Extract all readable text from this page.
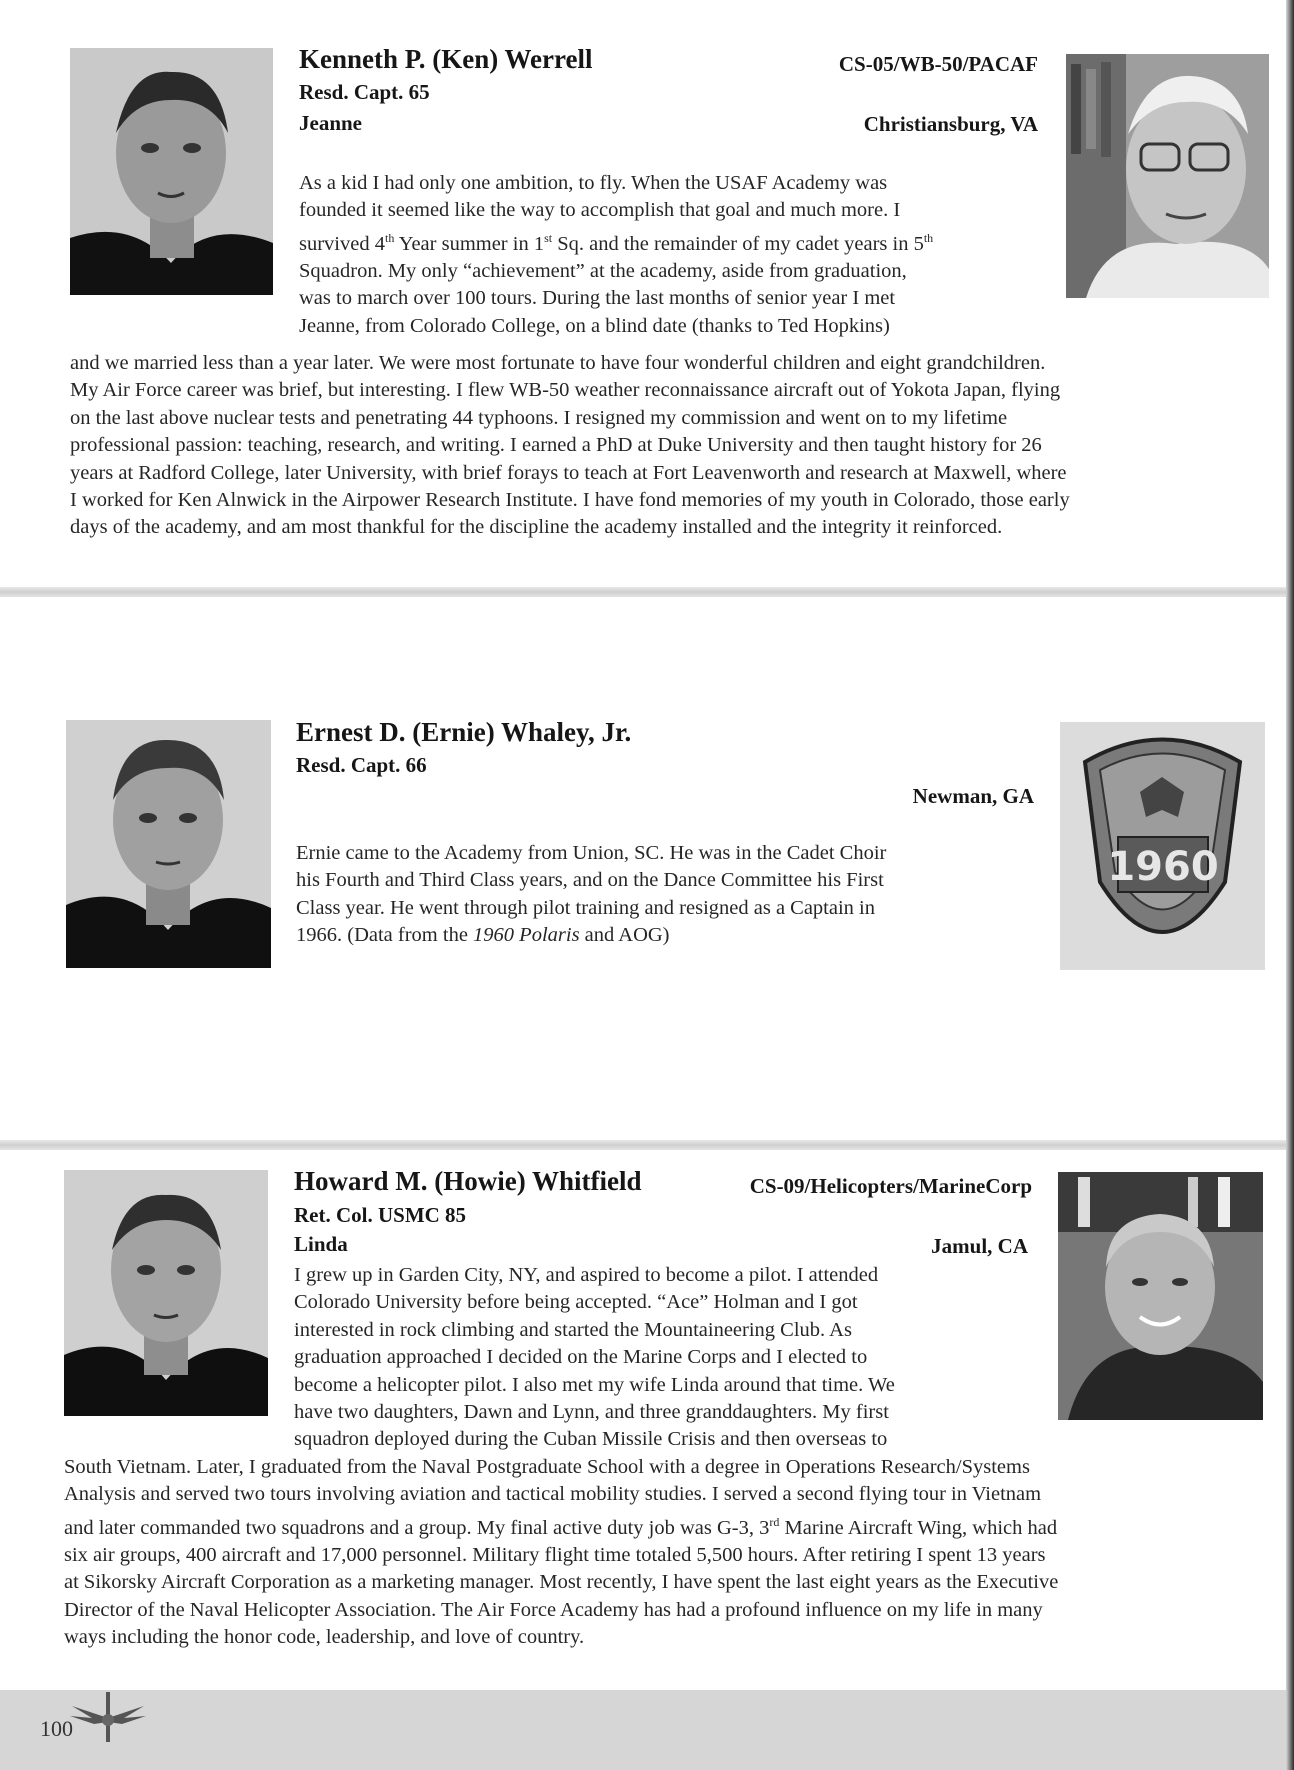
Kenneth P. (Ken) Werrell	CS-05/WB-50/PACAF
Resd. Capt. 65
Jeanne	Christiansburg, VA
As a kid I had only one ambition, to fly. When the USAF Academy was
founded it seemed like the way to accomplish that goal and much more. I
survived 4th Year summer in 1st Sq. and the remainder of my cadet years in 5th
Squadron. My only “achievement” at the academy, aside from graduation,
was to march over 100 tours. During the last months of senior year I met
Jeanne, from Colorado College, on a blind date (thanks to Ted Hopkins)
and we married less than a year later. We were most fortunate to have four wonderful children and eight grandchildren.
My Air Force career was brief, but interesting. I flew WB-50 weather reconnaissance aircraft out of Yokota Japan, flying
on the last above nuclear tests and penetrating 44 typhoons. I resigned my commission and went on to my lifetime
professional passion: teaching, research, and writing. I earned a PhD at Duke University and then taught history for 26
years at Radford College, later University, with brief forays to teach at Fort Leavenworth and research at Maxwell, where
I worked for Ken Alnwick in the Airpower Research Institute. I have fond memories of my youth in Colorado, those early
days of the academy, and am most thankful for the discipline the academy installed and the integrity it reinforced.
Ernest D. (Ernie) Whaley, Jr.
Resd. Capt. 66
Newman, GA
1960
Ernie came to the Academy from Union, SC. He was in the Cadet Choir
his Fourth and Third Class years, and on the Dance Committee his First
Class year. He went through pilot training and resigned as a Captain in
1966. (Data from the 1960 Polaris and AOG)
Howard M. (Howie) Whitfield	CS-09/Helicopters/MarineCorp
Ret. Col. USMC 85
Linda	Jamul, CA
I grew up in Garden City, NY, and aspired to become a pilot. I attended
Colorado University before being accepted. “Ace” Holman and I got
interested in rock climbing and started the Mountaineering Club. As
graduation approached I decided on the Marine Corps and I elected to
become a helicopter pilot. I also met my wife Linda around that time. We
have two daughters, Dawn and Lynn, and three granddaughters. My first
squadron deployed during the Cuban Missile Crisis and then overseas to
South Vietnam. Later, I graduated from the Naval Postgraduate School with a degree in Operations Research/Systems
Analysis and served two tours involving aviation and tactical mobility studies. I served a second flying tour in Vietnam
and later commanded two squadrons and a group. My final active duty job was G-3, 3rd Marine Aircraft Wing, which had
six air groups, 400 aircraft and 17,000 personnel. Military flight time totaled 5,500 hours. After retiring I spent 13 years
at Sikorsky Aircraft Corporation as a marketing manager. Most recently, I have spent the last eight years as the Executive
Director of the Naval Helicopter Association. The Air Force Academy has had a profound influence on my life in many
ways including the honor code, leadership, and love of country.
100
